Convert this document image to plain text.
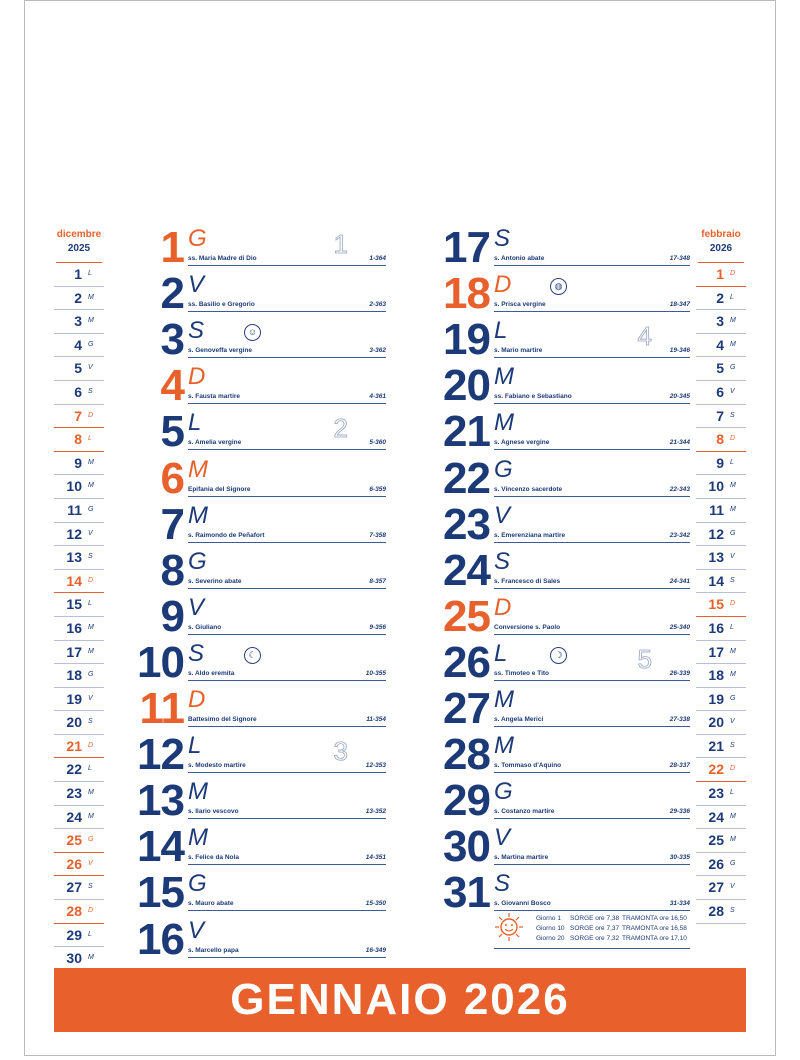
dicembre
2025
1 L
2 M
3 M
4 G
5 V
6 S
7 D
8 L
9 M
10 M
11 G
12 V
13 S
14 D
15 L
16 M
17 M
18 G
19 V
20 S
21 D
22 L
23 M
24 M
25 G
26 V
27 S
28 D
29 L
30 M
febbraio
2026
1 D
2 L
3 M
4 M
5 G
6 V
7 S
8 D
9 L
10 M
11 M
12 G
13 V
14 S
15 D
16 L
17 M
18 M
19 G
20 V
21 S
22 D
23 L
24 M
25 M
26 G
27 V
28 S
1 G
ss. Maria Madre di Dio	1-364
1
2 V
ss. Basilio e Gregorio	2-363
3 S
s. Genoveffa vergine	3-362
☺
4 D
s. Fausta martire	4-361
5 L
s. Amelia vergine	5-360
2
6 M
Epifania del Signore	6-359
7 M
s. Raimondo de Peñafort	7-358
8 G
s. Severino abate	8-357
9 V
s. Giuliano	9-356
10 S
s. Aldo eremita	10-355
☾
11 D
Battesimo del Signore	11-354
12 L
s. Modesto martire	12-353
3
13 M
s. Ilario vescovo	13-352
14 M
s. Felice da Nola	14-351
15 G
s. Mauro abate	15-350
16 V
s. Marcello papa	16-349
17 S
s. Antonio abate	17-348
18 D
s. Prisca vergine	18-347
◍
19 L
s. Mario martire	19-346
4
20 M
ss. Fabiano e Sebastiano	20-345
21 M
s. Agnese vergine	21-344
22 G
s. Vincenzo sacerdote	22-343
23 V
s. Emerenziana martire	23-342
24 S
s. Francesco di Sales	24-341
25 D
Conversione s. Paolo	25-340
26 L
ss. Timoteo e Tito	26-339
5
☽
27 M
s. Angela Merici	27-338
28 M
s. Tommaso d'Aquino	28-337
29 G
s. Costanzo martire	29-336
30 V
s. Martina martire	30-335
31 S
s. Giovanni Bosco	31-334
Giorno 1 SORGE ore 7,38 TRAMONTA ore 16,50
Giorno 10 SORGE ore 7,37 TRAMONTA ore 16,58
Giorno 20 SORGE ore 7,32 TRAMONTA ore 17,10
GENNAIO 2026
